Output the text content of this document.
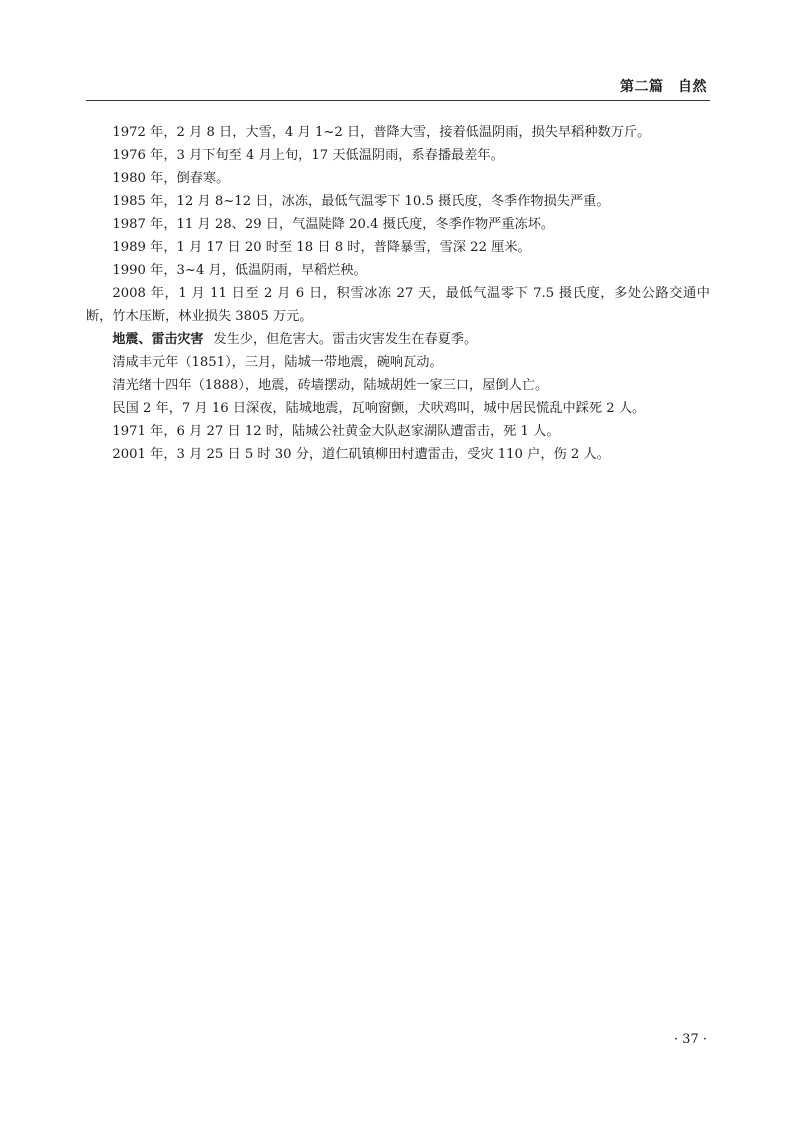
第二篇　自然

1972 年，2 月 8 日，大雪，4 月 1~2 日，普降大雪，接着低温阴雨，损失早稻种数万斤。

1976 年，3 月下旬至 4 月上旬，17 天低温阴雨，系春播最差年。

1980 年，倒春寒。

1985 年，12 月 8~12 日，冰冻，最低气温零下 10.5 摄氏度，冬季作物损失严重。

1987 年，11 月 28、29 日，气温陡降 20.4 摄氏度，冬季作物严重冻坏。

1989 年，1 月 17 日 20 时至 18 日 8 时，普降暴雪，雪深 22 厘米。

1990 年，3~4 月，低温阴雨，早稻烂秧。

2008 年，1 月 11 日至 2 月 6 日，积雪冰冻 27 天，最低气温零下 7.5 摄氏度，多处公路交通中断，竹木压断，林业损失 3805 万元。

地震、雷击灾害 发生少，但危害大。雷击灾害发生在春夏季。

清咸丰元年（1851），三月，陆城一带地震，碗响瓦动。

清光绪十四年（1888），地震，砖墙摆动，陆城胡姓一家三口，屋倒人亡。

民国 2 年，7 月 16 日深夜，陆城地震，瓦响窗颤，犬吠鸡叫，城中居民慌乱中踩死 2 人。

1971 年，6 月 27 日 12 时，陆城公社黄金大队赵家湖队遭雷击，死 1 人。

2001 年，3 月 25 日 5 时 30 分，道仁矶镇柳田村遭雷击，受灾 110 户，伤 2 人。

· 37 ·
